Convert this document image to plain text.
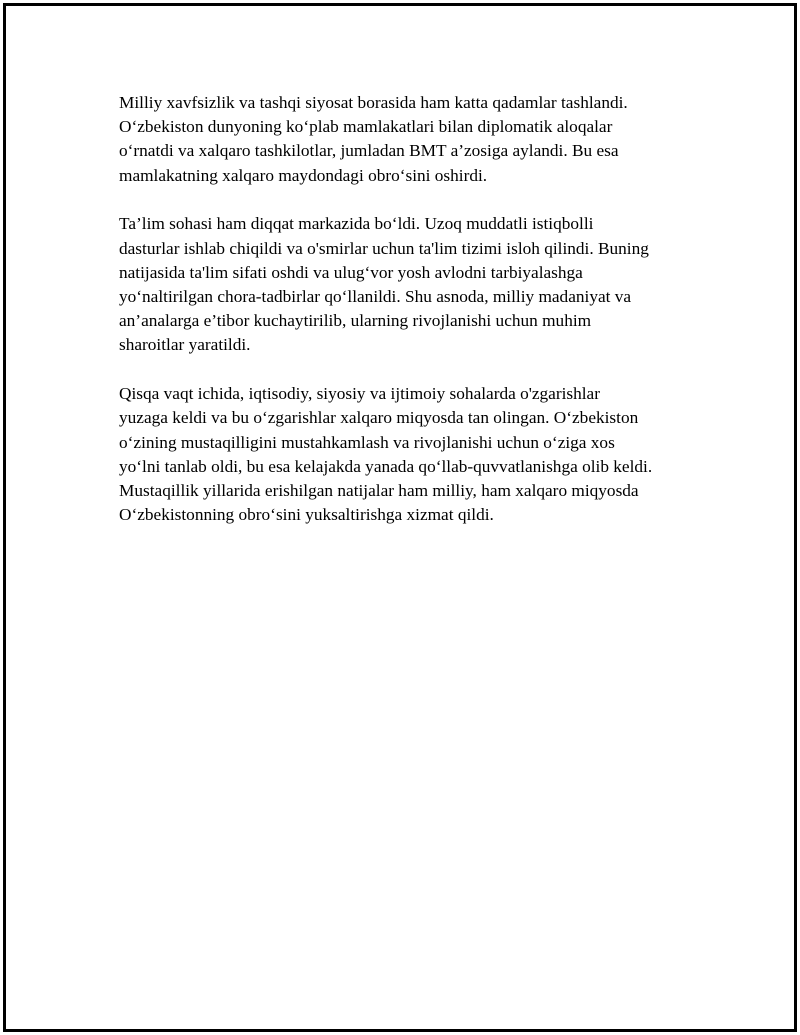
Milliy xavfsizlik va tashqi siyosat borasida ham katta qadamlar tashlandi.
O‘zbekiston dunyoning ko‘plab mamlakatlari bilan diplomatik aloqalar
o‘rnatdi va xalqaro tashkilotlar, jumladan BMT a’zosiga aylandi. Bu esa
mamlakatning xalqaro maydondagi obro‘sini oshirdi.

Ta’lim sohasi ham diqqat markazida bo‘ldi. Uzoq muddatli istiqbolli
dasturlar ishlab chiqildi va o'smirlar uchun ta'lim tizimi isloh qilindi. Buning
natijasida ta'lim sifati oshdi va ulug‘vor yosh avlodni tarbiyalashga
yo‘naltirilgan chora-tadbirlar qo‘llanildi. Shu asnoda, milliy madaniyat va
an’analarga e’tibor kuchaytirilib, ularning rivojlanishi uchun muhim
sharoitlar yaratildi.

Qisqa vaqt ichida, iqtisodiy, siyosiy va ijtimoiy sohalarda o'zgarishlar
yuzaga keldi va bu o‘zgarishlar xalqaro miqyosda tan olingan. O‘zbekiston
o‘zining mustaqilligini mustahkamlash va rivojlanishi uchun o‘ziga xos
yo‘lni tanlab oldi, bu esa kelajakda yanada qo‘llab-quvvatlanishga olib keldi.
Mustaqillik yillarida erishilgan natijalar ham milliy, ham xalqaro miqyosda
O‘zbekistonning obro‘sini yuksaltirishga xizmat qildi.
